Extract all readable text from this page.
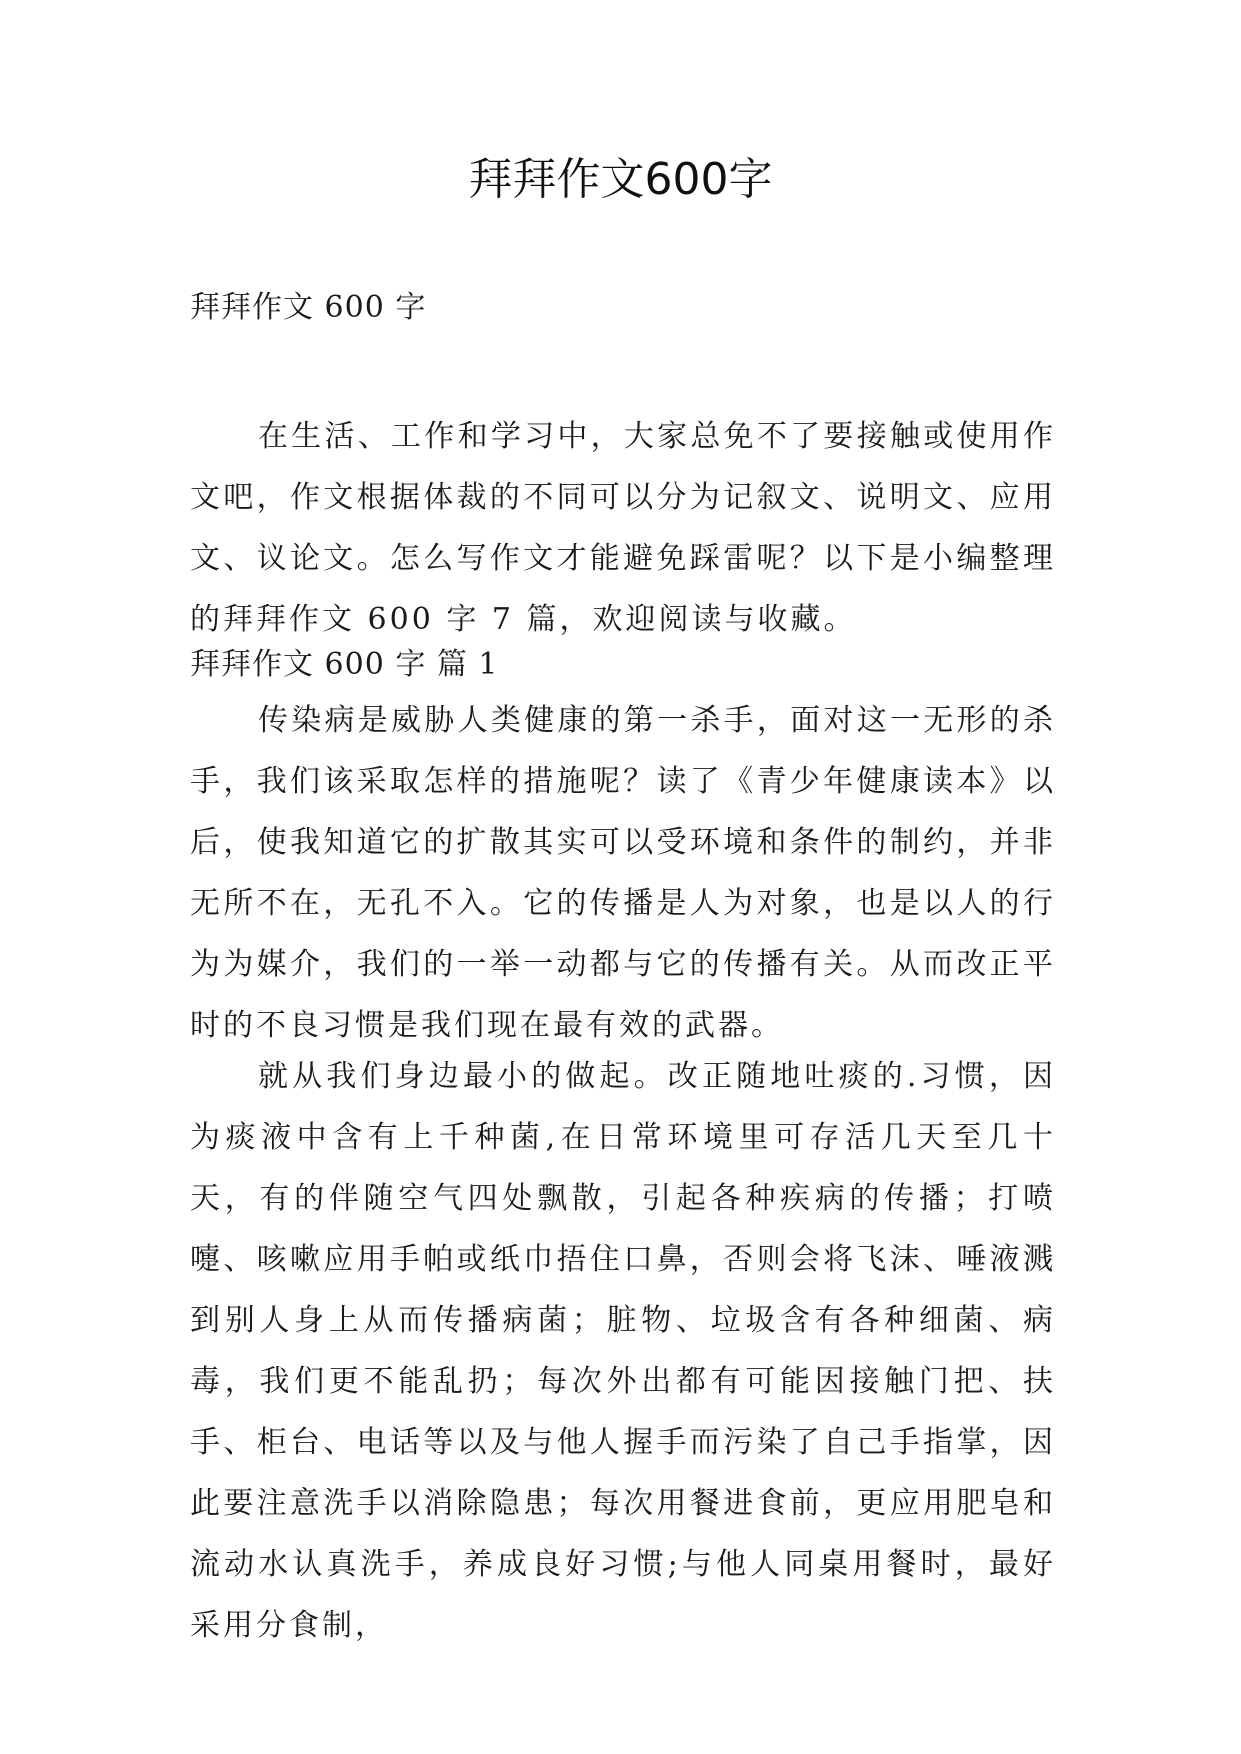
拜拜作文600字

拜拜作文 600 字

在生活、工作和学习中，大家总免不了要接触或使用作文吧，作文根据体裁的不同可以分为记叙文、说明文、应用文、议论文。怎么写作文才能避免踩雷呢？以下是小编整理的拜拜作文 600 字 7 篇，欢迎阅读与收藏。

拜拜作文 600 字 篇 1

传染病是威胁人类健康的第一杀手，面对这一无形的杀手，我们该采取怎样的措施呢？读了《青少年健康读本》以后，使我知道它的扩散其实可以受环境和条件的制约，并非无所不在，无孔不入。它的传播是人为对象，也是以人的行为为媒介，我们的一举一动都与它的传播有关。从而改正平时的不良习惯是我们现在最有效的武器。

就从我们身边最小的做起。改正随地吐痰的.习惯，因为痰液中含有上千种菌,在日常环境里可存活几天至几十天，有的伴随空气四处飘散，引起各种疾病的传播；打喷嚏、咳嗽应用手帕或纸巾捂住口鼻，否则会将飞沫、唾液溅到别人身上从而传播病菌；脏物、垃圾含有各种细菌、病毒，我们更不能乱扔；每次外出都有可能因接触门把、扶手、柜台、电话等以及与他人握手而污染了自己手指掌，因此要注意洗手以消除隐患；每次用餐进食前，更应用肥皂和流动水认真洗手，养成良好习惯;与他人同桌用餐时，最好采用分食制，
